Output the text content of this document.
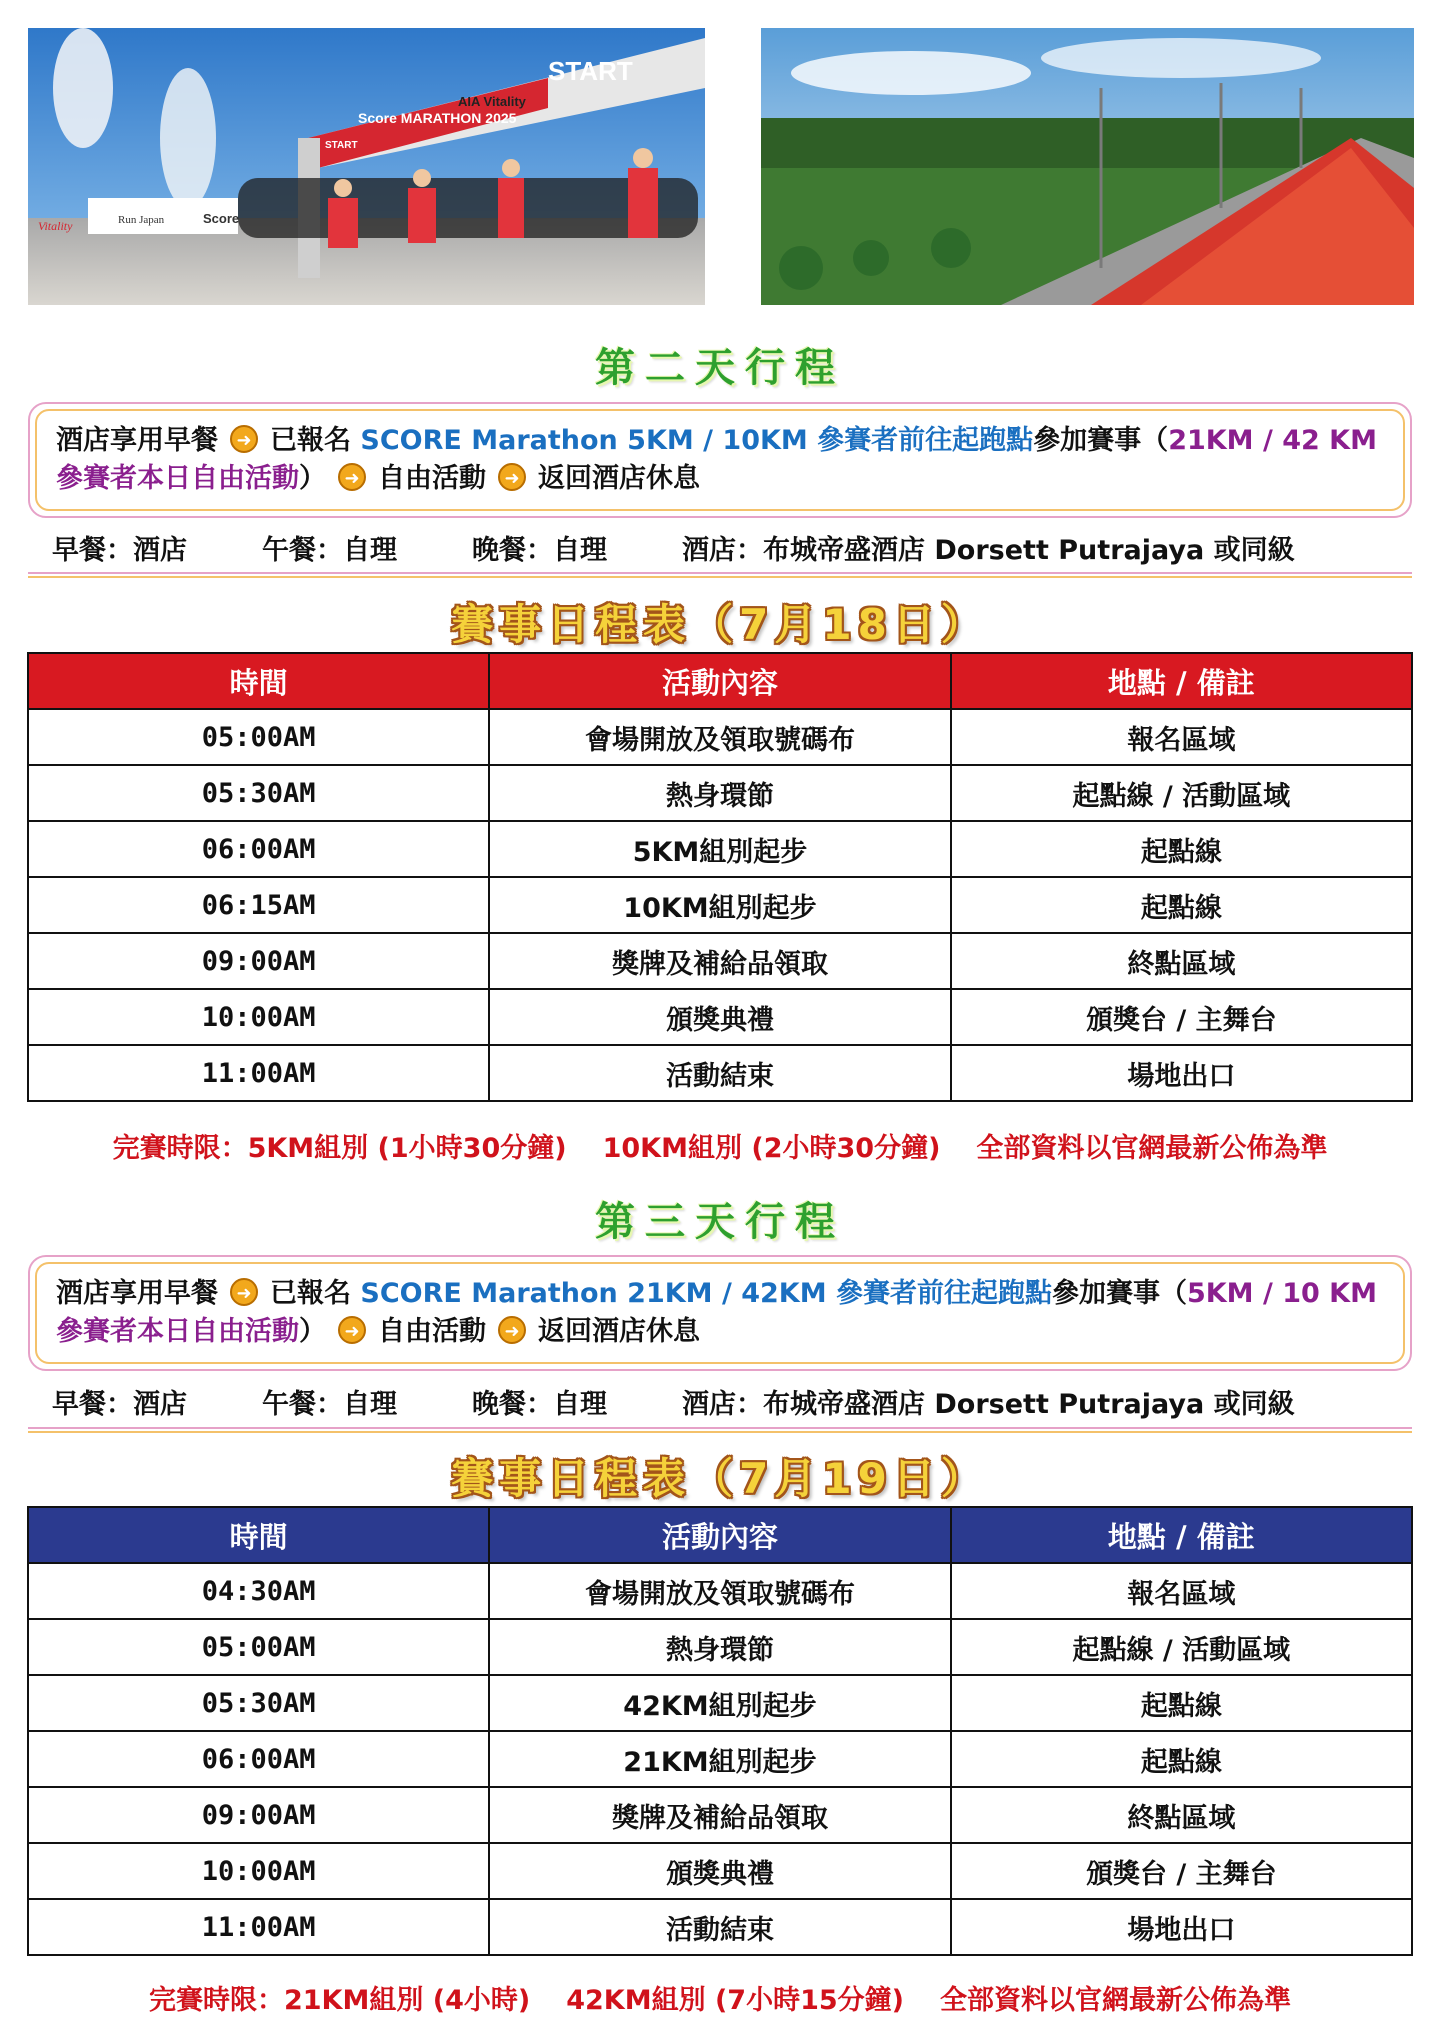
START
Score MARATHON 2025
AIA Vitality
START
Vitality	Run Japan	Score
第二天行程
酒店享用早餐 ➜ 已報名 SCORE Marathon 5KM / 10KM 參賽者前往起跑點參加賽事（21KM / 42 KM 參賽者本日自由活動） ➜ 自由活動 ➜ 返回酒店休息
早餐：酒店	午餐：自理	晚餐：自理	酒店：布城帝盛酒店 Dorsett Putrajaya 或同級
賽事日程表（7月18日）
時間	活動內容	地點 / 備註
05:00AM	會場開放及領取號碼布	報名區域
05:30AM	熱身環節	起點線 / 活動區域
06:00AM	5KM組別起步	起點線
06:15AM	10KM組別起步	起點線
09:00AM	獎牌及補給品領取	終點區域
10:00AM	頒獎典禮	頒獎台 / 主舞台
11:00AM	活動結束	場地出口
完賽時限：5KM組別 (1小時30分鐘) 10KM組別 (2小時30分鐘) 全部資料以官網最新公佈為準
第三天行程
酒店享用早餐 ➜ 已報名 SCORE Marathon 21KM / 42KM 參賽者前往起跑點參加賽事（5KM / 10 KM 參賽者本日自由活動） ➜ 自由活動 ➜ 返回酒店休息
早餐：酒店	午餐：自理	晚餐：自理	酒店：布城帝盛酒店 Dorsett Putrajaya 或同級
賽事日程表（7月19日）
時間	活動內容	地點 / 備註
04:30AM	會場開放及領取號碼布	報名區域
05:00AM	熱身環節	起點線 / 活動區域
05:30AM	42KM組別起步	起點線
06:00AM	21KM組別起步	起點線
09:00AM	獎牌及補給品領取	終點區域
10:00AM	頒獎典禮	頒獎台 / 主舞台
11:00AM	活動結束	場地出口
完賽時限：21KM組別 (4小時) 42KM組別 (7小時15分鐘) 全部資料以官網最新公佈為準
